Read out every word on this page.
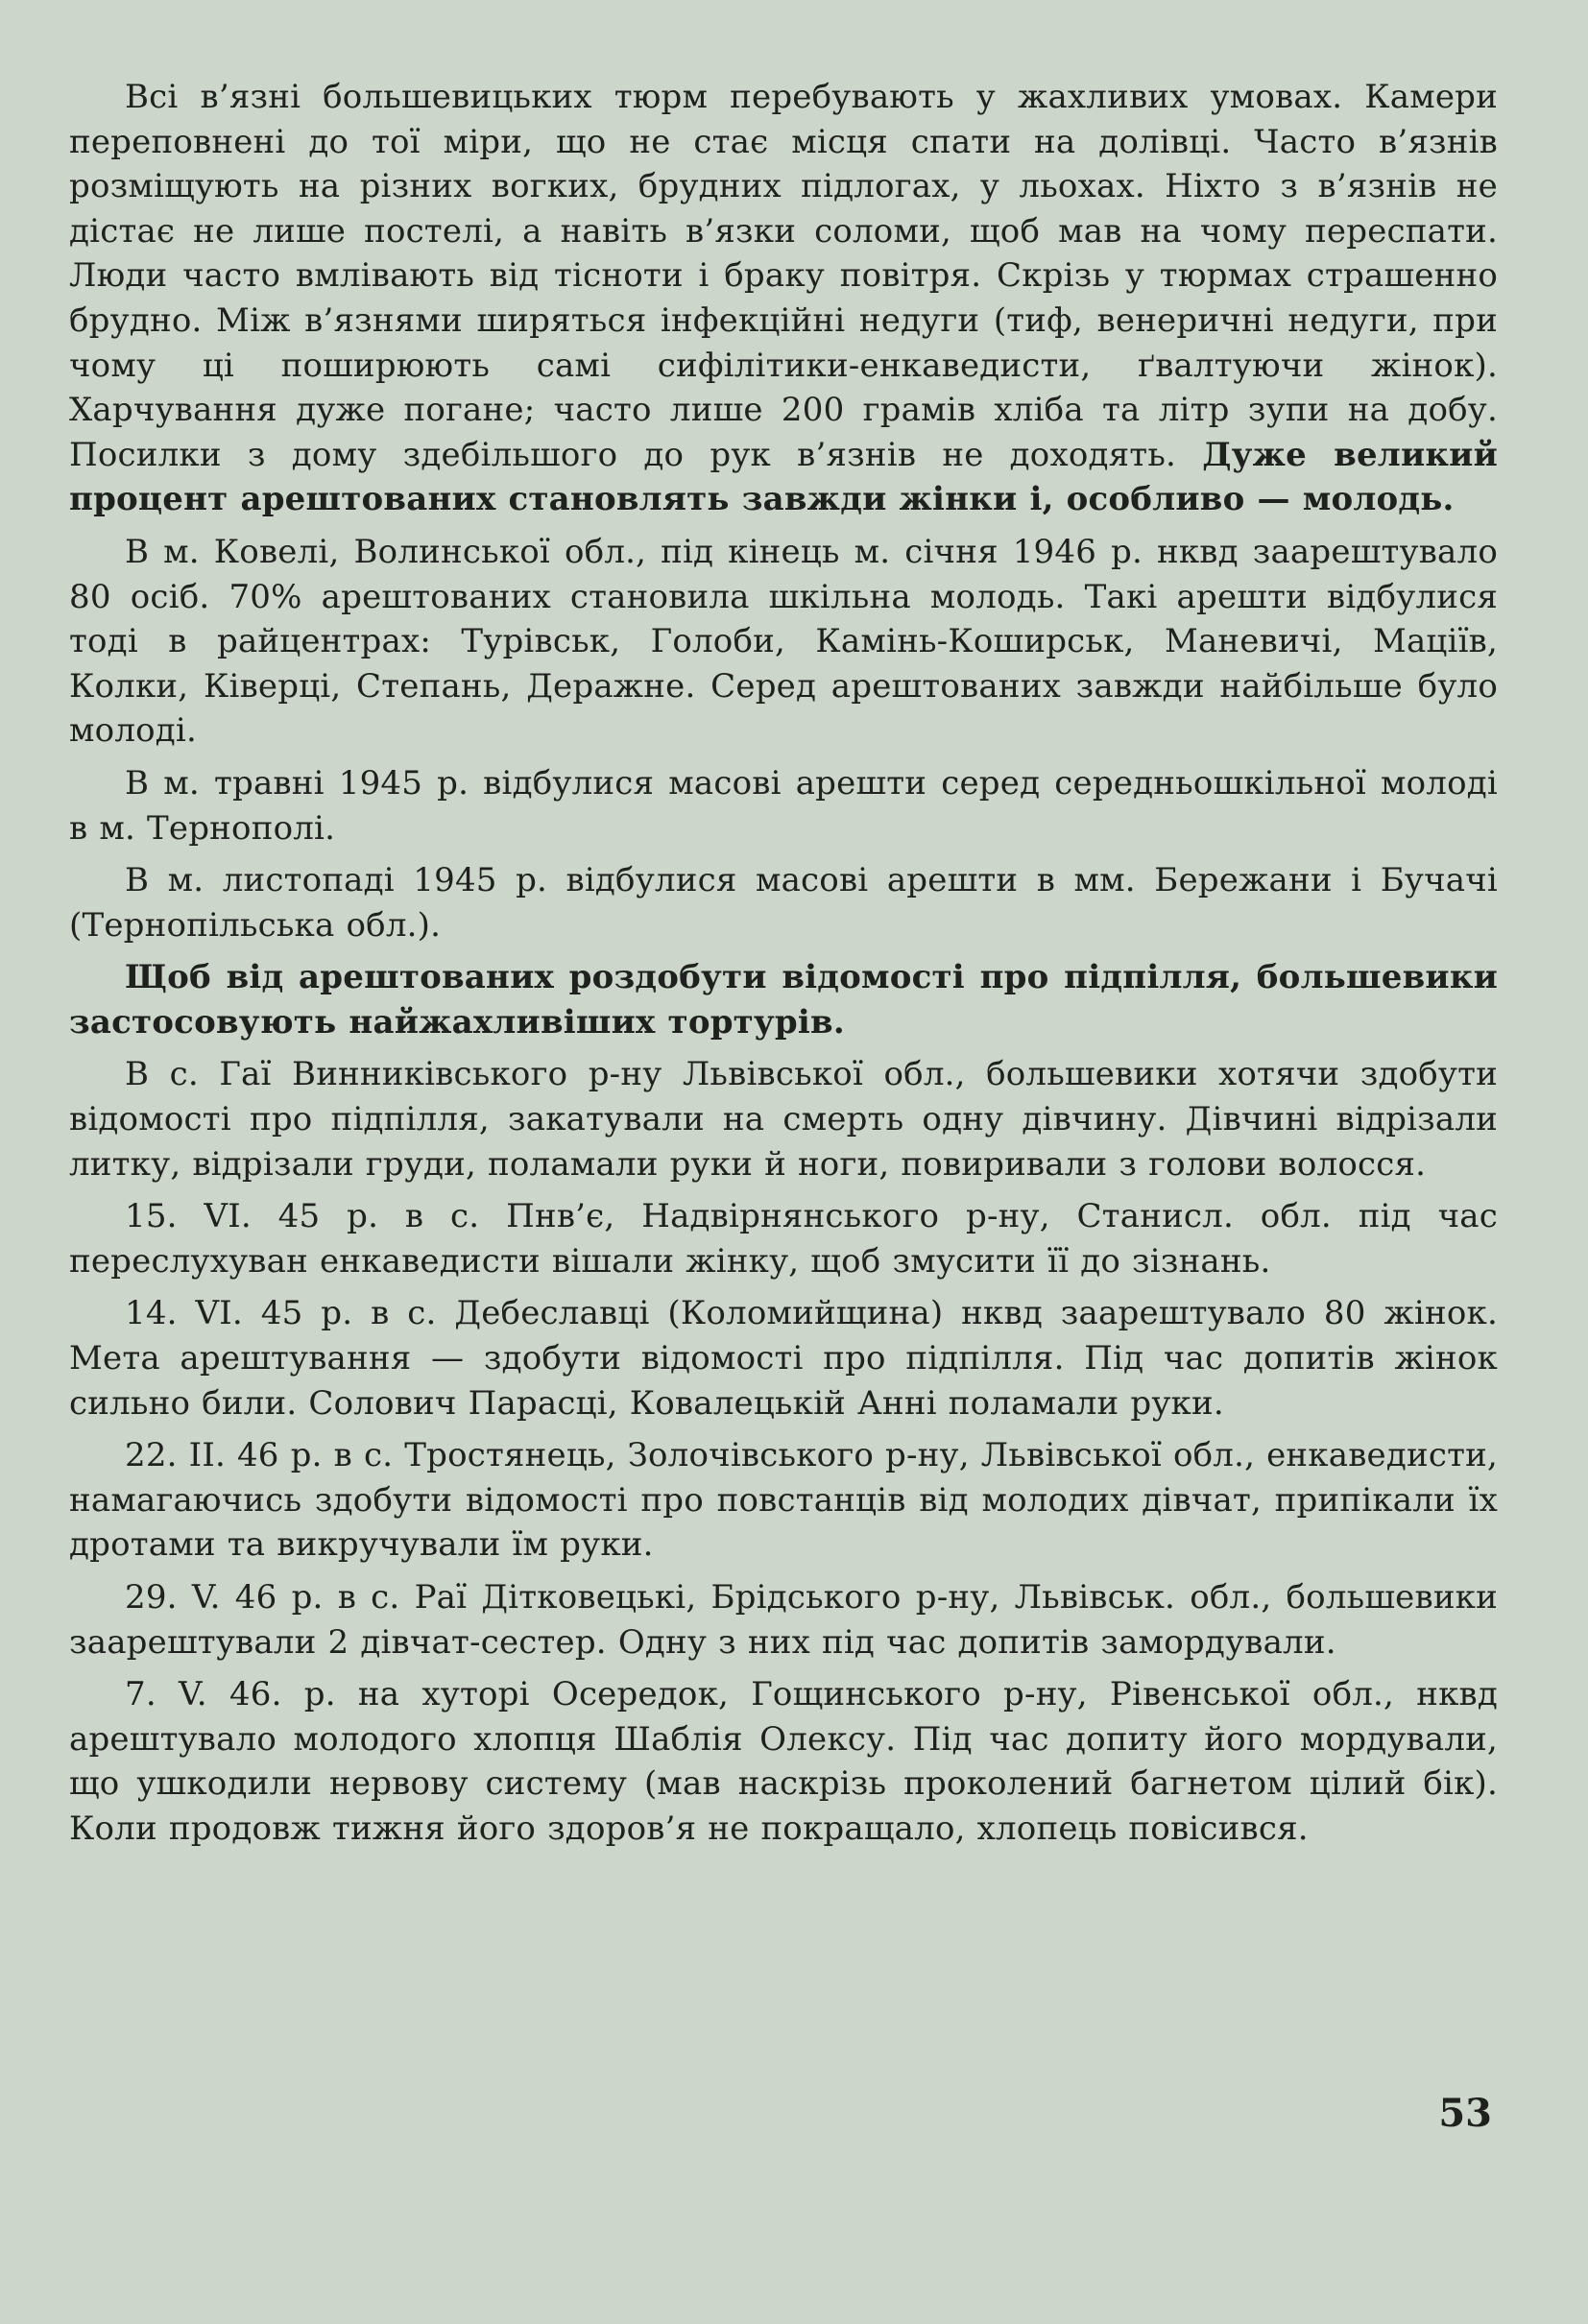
Всі в’язні большевицьких тюрм перебувають у жахливих умовах. Камери переповнені до тої міри, що не стає місця спати на долівці. Часто в’язнів розміщують на різних вогких, брудних підлогах, у льохах. Ніхто з в’язнів не дістає не лише постелі, а навіть в’язки соломи, щоб мав на чому переспати. Люди часто вмлівають від тісноти і браку повітря. Скрізь у тюрмах страшенно брудно. Між в’язнями ширяться інфекційні недуги (тиф, венеричні недуги, при чому ці поширюють самі сифілітики-енкаведисти, ґвалтуючи жінок). Харчування дуже погане; часто лише 200 грамів хліба та літр зупи на добу. Посилки з дому здебільшого до рук в’язнів не доходять. Дуже великий процент арештованих становлять завжди жінки і, особливо — молодь.

В м. Ковелі, Волинської обл., під кінець м. січня 1946 р. нквд заарештувало 80 осіб. 70% арештованих становила шкільна молодь. Такі арешти відбулися тоді в райцентрах: Турівськ, Голоби, Камінь-Коширськ, Маневичі, Маціїв, Колки, Ківерці, Степань, Деражне. Серед арештованих завжди найбільше було молоді.

В м. травні 1945 р. відбулися масові арешти серед середньошкільної молоді в м. Тернополі.

В м. листопаді 1945 р. відбулися масові арешти в мм. Бережани і Бучачі (Тернопільська обл.).

Щоб від арештованих роздобути відомості про підпілля, большевики застосовують найжахливіших тортурів.

В с. Гаї Винниківського р-ну Львівської обл., большевики хотячи здобути відомості про підпілля, закатували на смерть одну дівчину. Дівчині відрізали литку, відрізали груди, поламали руки й ноги, повиривали з голови волосся.

15. VI. 45 р. в с. Пнв’є, Надвірнянського р-ну, Станисл. обл. під час переслухуван енкаведисти вішали жінку, щоб змусити її до зізнань.

14. VI. 45 р. в с. Дебеславці (Коломийщина) нквд заарештувало 80 жінок. Мета арештування — здобути відомості про підпілля. Під час допитів жінок сильно били. Солович Парасці, Ковалецькій Анні поламали руки.

22. II. 46 р. в с. Тростянець, Золочівського р-ну, Львівської обл., енкаведисти, намагаючись здобути відомості про повстанців від молодих дівчат, припікали їх дротами та викручували їм руки.

29. V. 46 р. в с. Раї Дітковецькі, Брідського р-ну, Львівськ. обл., большевики заарештували 2 дівчат-сестер. Одну з них під час допитів замордували.

7. V. 46. р. на хуторі Осередок, Гощинського р-ну, Рівенської обл., нквд арештувало молодого хлопця Шаблія Олексу. Під час допиту його мордували, що ушкодили нервову систему (мав наскрізь проколений багнетом цілий бік). Коли продовж тижня його здоров’я не покращало, хлопець повісився.

53
